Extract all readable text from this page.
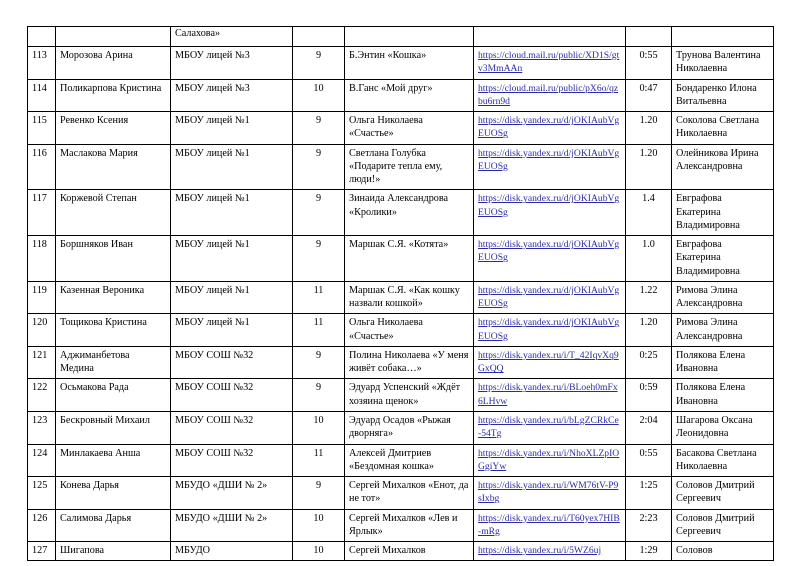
		Салахова»					
113	Морозова Арина	МБОУ лицей №3	9	Б.Энтин «Кошка»	https://cloud.mail.ru/public/XD1S/gtv3MmAAn	0:55	Трунова Валентина Николаевна
114	Поликарпова Кристина	МБОУ лицей №3	10	В.Ганс «Мой друг»	https://cloud.mail.ru/public/pX6o/qzbu6rn9d	0:47	Бондаренко Илона Витальевна
115	Ревенко Ксения	МБОУ лицей №1	9	Ольга Николаева «Счастье»	https://disk.yandex.ru/d/jOKIAubVgEUOSg	1.20	Соколова Светлана Николаевна
116	Маслакова Мария	МБОУ лицей №1	9	Светлана Голубка «Подарите тепла ему, люди!»	https://disk.yandex.ru/d/jOKIAubVgEUOSg	1.20	Олейникова Ирина Александровна
117	Коржевой Степан	МБОУ лицей №1	9	Зинаида Александрова «Кролики»	https://disk.yandex.ru/d/jOKIAubVgEUOSg	1.4	Евграфова Екатерина Владимировна
118	Боршняков Иван	МБОУ лицей №1	9	Маршак С.Я. «Котята»	https://disk.yandex.ru/d/jOKIAubVgEUOSg	1.0	Евграфова Екатерина Владимировна
119	Казенная Вероника	МБОУ лицей №1	11	Маршак С.Я. «Как кошку назвали кошкой»	https://disk.yandex.ru/d/jOKIAubVgEUOSg	1.22	Римова Элина Александровна
120	Тощикова Кристина	МБОУ лицей №1	11	Ольга Николаева «Счастье»	https://disk.yandex.ru/d/jOKIAubVgEUOSg	1.20	Римова Элина Александровна
121	Аджиманбетова Медина	МБОУ СОШ №32	9	Полина Николаева «У меня живёт собака…»	https://disk.yandex.ru/i/T_42IqvXq9GxQQ	0:25	Полякова Елена Ивановна
122	Осьмакова Рада	МБОУ СОШ №32	9	Эдуард Успенский «Ждёт хозяина щенок»	https://disk.yandex.ru/i/BLoeh0mFx6LHvw	0:59	Полякова Елена Ивановна
123	Бескровный Михаил	МБОУ СОШ №32	10	Эдуард Осадов «Рыжая дворняга»	https://disk.yandex.ru/i/bLgZCRkCe-54Tg	2:04	Шагарова Оксана Леонидовна
124	Минлакаева Анша	МБОУ СОШ №32	11	Алексей Дмитриев «Бездомная кошка»	https://disk.yandex.ru/i/NhoXLZpIOGgiYw	0:55	Басакова Светлана Николаевна
125	Конева Дарья	МБУДО «ДШИ № 2»	9	Сергей Михалков «Енот, да не тот»	https://disk.yandex.ru/i/WM76tV-P9sIxbg	1:25	Соловов Дмитрий Сергеевич
126	Салимова Дарья	МБУДО «ДШИ № 2»	10	Сергей Михалков «Лев и Ярлык»	https://disk.yandex.ru/i/T60yex7HIB-mRg	2:23	Соловов Дмитрий Сергеевич
127	Шигапова	МБУДО	10	Сергей Михалков	https://disk.yandex.ru/i/5WZ6uj	1:29	Соловов
